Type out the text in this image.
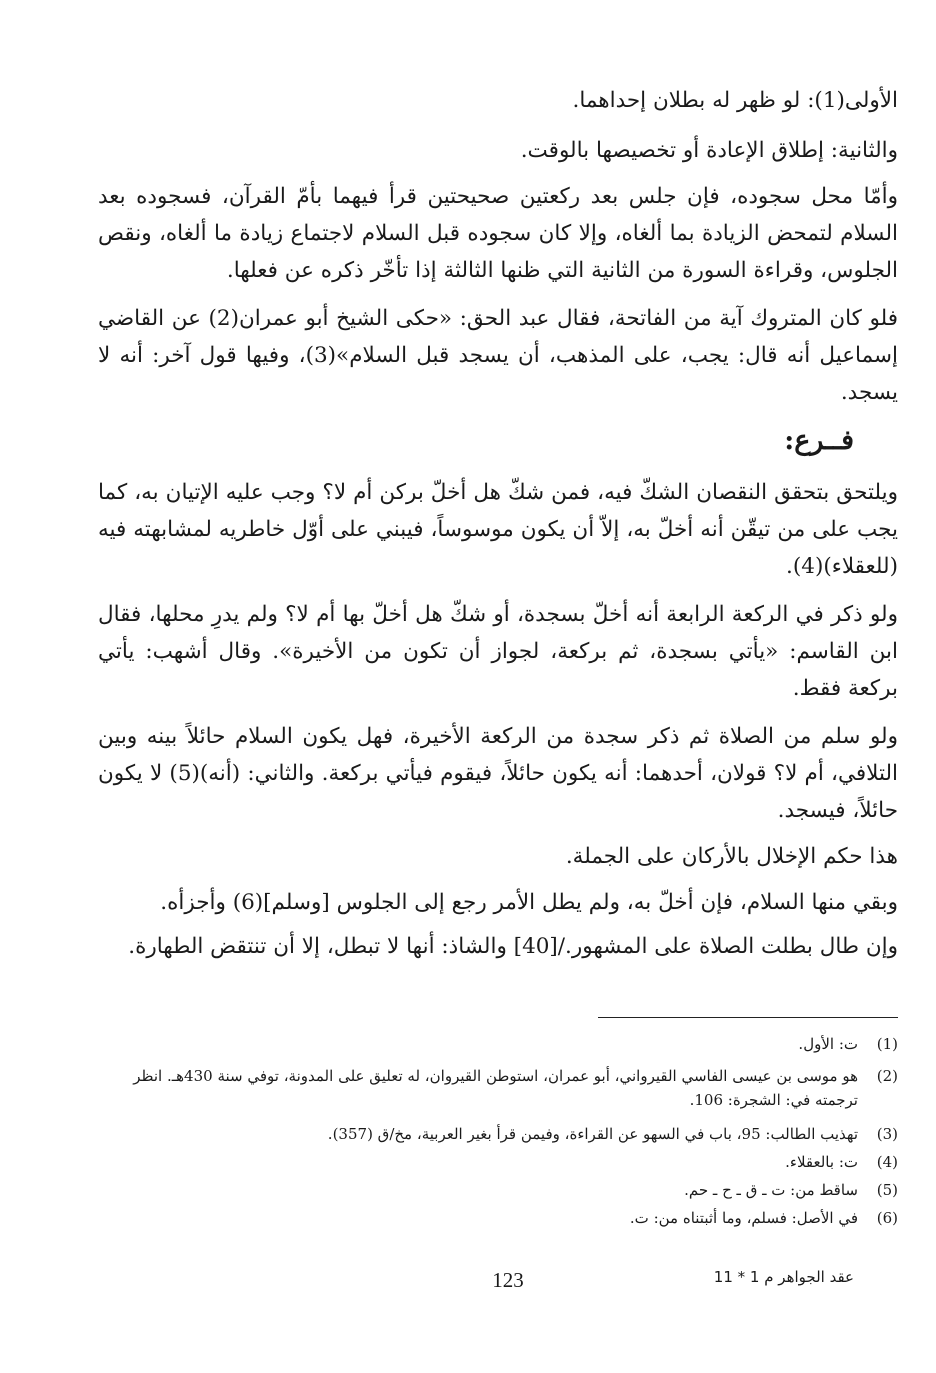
الأولى(1): لو ظهر له بطلان إحداهما.

والثانية: إطلاق الإعادة أو تخصيصها بالوقت.

وأمّا محل سجوده، فإن جلس بعد ركعتين صحيحتين قرأ فيهما بأمّ القرآن، فسجوده بعد السلام لتمحض الزيادة بما ألغاه، وإلا كان سجوده قبل السلام لاجتماع زيادة ما ألغاه، ونقص الجلوس، وقراءة السورة من الثانية التي ظنها الثالثة إذا تأخّر ذكره عن فعلها.

فلو كان المتروك آية من الفاتحة، فقال عبد الحق: «حكى الشيخ أبو عمران(2) عن القاضي إسماعيل أنه قال: يجب، على المذهب، أن يسجد قبل السلام»(3)، وفيها قول آخر: أنه لا يسجد.

فــرع:

ويلتحق بتحقق النقصان الشكّ فيه، فمن شكّ هل أخلّ بركن أم لا؟ وجب عليه الإتيان به، كما يجب على من تيقّن أنه أخلّ به، إلاّ أن يكون موسوساً، فيبني على أوّل خاطريه لمشابهته فيه (للعقلاء)(4).

ولو ذكر في الركعة الرابعة أنه أخلّ بسجدة، أو شكّ هل أخلّ بها أم لا؟ ولم يدرِ محلها، فقال ابن القاسم: «يأتي بسجدة، ثم بركعة، لجواز أن تكون من الأخيرة». وقال أشهب: يأتي بركعة فقط.

ولو سلم من الصلاة ثم ذكر سجدة من الركعة الأخيرة، فهل يكون السلام حائلاً بينه وبين التلافي، أم لا؟ قولان، أحدهما: أنه يكون حائلاً، فيقوم فيأتي بركعة. والثاني: (أنه)(5) لا يكون حائلاً، فيسجد.

هذا حكم الإخلال بالأركان على الجملة.

وبقي منها السلام، فإن أخلّ به، ولم يطل الأمر رجع إلى الجلوس [وسلم](6) وأجزأه.

وإن طال بطلت الصلاة على المشهور./[40] والشاذ: أنها لا تبطل، إلا أن تنتقض الطهارة.

(1)
ت: الأول.
(2)
هو موسى بن عيسى الفاسي القيرواني، أبو عمران، استوطن القيروان، له تعليق على المدونة، توفي سنة 430هـ. انظر ترجمته في: الشجرة: 106.
(3)
تهذيب الطالب: 95، باب في السهو عن القراءة، وفيمن قرأ بغير العربية، مخ/ق (357).
(4)
ت: بالعقلاء.
(5)
ساقط من: ت ـ ق ـ ح ـ حم.
(6)
في الأصل: فسلم، وما أثبتناه من: ت.
123	عقد الجواهر م 1 * 11
